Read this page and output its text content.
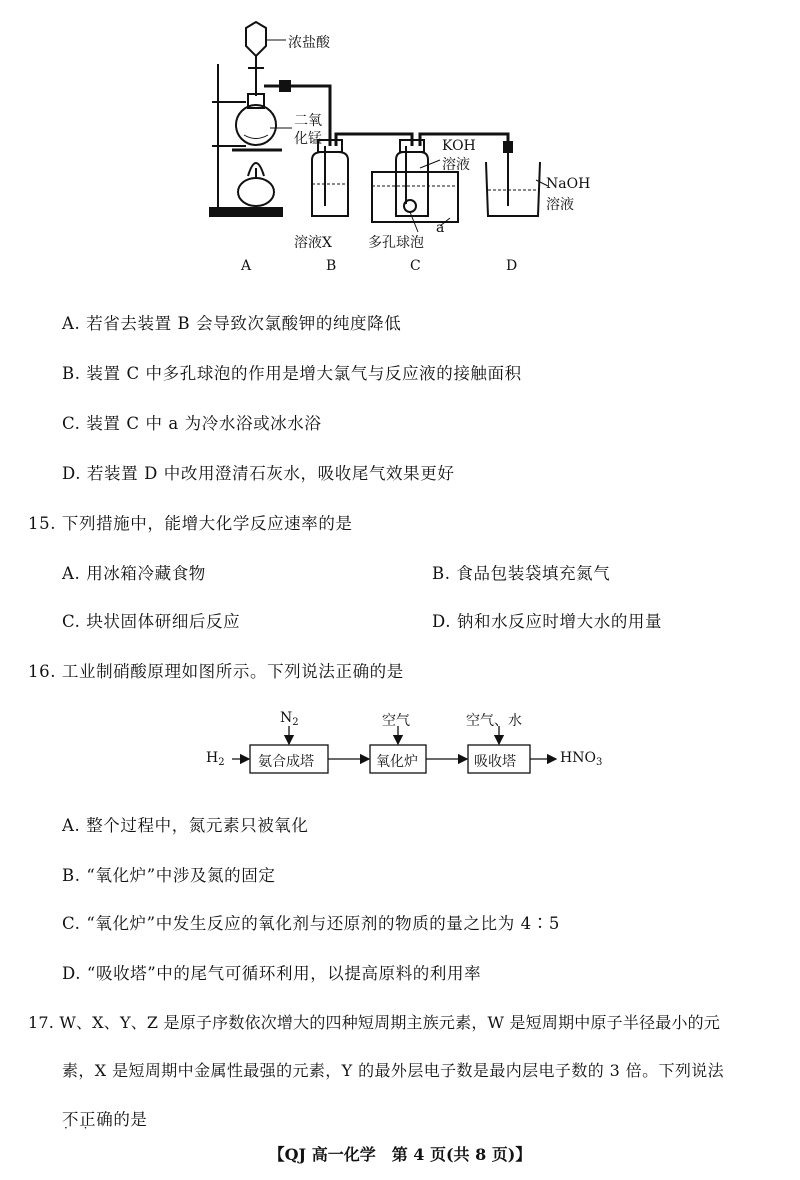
浓盐酸
二氧
化锰	KOH
溶液
NaOH
溶液
溶液X	多孔球泡
a
A	B	C	D
A. 若省去装置 B 会导致次氯酸钾的纯度降低
B. 装置 C 中多孔球泡的作用是增大氯气与反应液的接触面积
C. 装置 C 中 a 为冷水浴或冰水浴
D. 若装置 D 中改用澄清石灰水，吸收尾气效果更好
15. 下列措施中，能增大化学反应速率的是
A. 用冰箱冷藏食物	B. 食品包装袋填充氮气
C. 块状固体研细后反应	D. 钠和水反应时增大水的用量
16. 工业制硝酸原理如图所示。下列说法正确的是
$H_2$
$N_2$
氨合成塔
空气
氧化炉
空气、水
吸收塔	$HNO_3$
A. 整个过程中，氮元素只被氧化
B. “氧化炉”中涉及氮的固定
C. “氧化炉”中发生反应的氧化剂与还原剂的物质的量之比为 4∶5
D. “吸收塔”中的尾气可循环利用，以提高原料的利用率
17. W、X、Y、Z 是原子序数依次增大的四种短周期主族元素，W 是短周期中原子半径最小的元
素，X 是短周期中金属性最强的元素，Y 的最外层电子数是最内层电子数的 3 倍。下列说法
不正确 · ·的是
【QJ 高一化学　第 4 页(共 8 页)】
